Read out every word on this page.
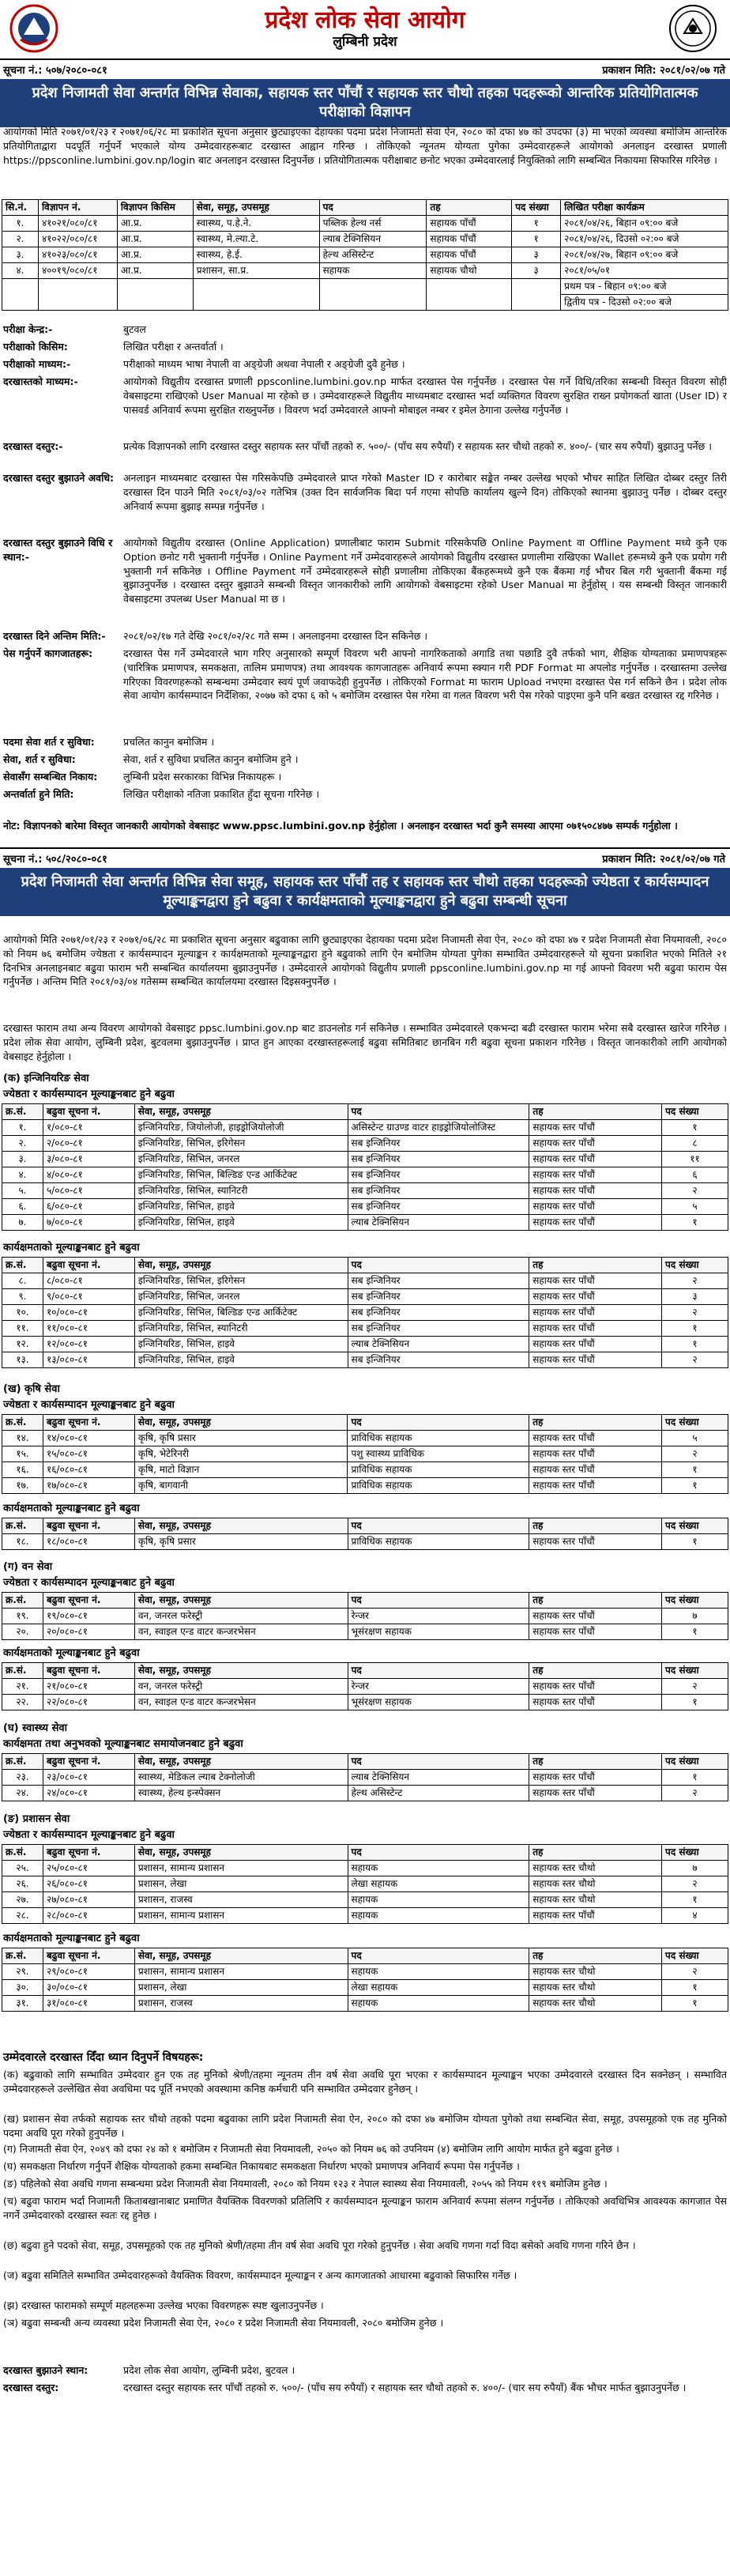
प्रदेश लोक सेवा आयोग
लुम्बिनी प्रदेश
सूचना नं.: ५०७/२०८०-०८१	प्रकाशन मिति: २०८१/०२/०७ गते
प्रदेश निजामती सेवा अन्तर्गत विभिन्न सेवाका, सहायक स्तर पाँचौं र सहायक स्तर चौथो तहका पदहरूको आन्तरिक प्रतियोगितात्मक परीक्षाको विज्ञापन
आयोगको मिति २०७१/०१/२३ र २०७१/०६/२८ मा प्रकाशित सूचना अनुसार छुट्याइएका देहायका पदमा प्रदेश निजामती सेवा ऐन, २०८० को दफा ४७ को उपदफा (३) मा भएको व्यवस्था बमोजिम आन्तरिक प्रतियोगिताद्वारा पदपूर्ति गर्नुपर्ने भएकाले योग्य उम्मेदवारहरूबाट दरखास्त आह्वान गरिन्छ । तोकिएको न्यूनतम योग्यता पुगेका उम्मेदवारहरूले आयोगको अनलाइन दरखास्त प्रणाली https://ppsconline.lumbini.gov.np/login बाट अनलाइन दरखास्त दिनुपर्नेछ । प्रतियोगितात्मक परीक्षाबाट छनोट भएका उम्मेदवारलाई नियुक्तिको लागि सम्बन्धित निकायमा सिफारिस गरिनेछ ।
सि.नं.	विज्ञापन नं.	विज्ञापन किसिम	सेवा, समूह, उपसमूह	पद	तह	पद संख्या	लिखित परीक्षा कार्यक्रम
१.	४१०२१/०८०/८१	आ.प्र.	स्वास्थ्य, प.हे.ने.	पब्लिक हेल्थ नर्स	सहायक पाँचौं	१	२०८१/०४/२६, बिहान ०९:०० बजे
२.	४१०२२/०८०/८१	आ.प्र.	स्वास्थ्य, मे.ल्या.टे.	ल्याब टेक्निसियन	सहायक पाँचौं	१	२०८१/०४/२६, दिउसो ०२:०० बजे
३.	४१०२३/०८०/८१	आ.प्र.	स्वास्थ्य, हे.ई.	हेल्थ असिस्टेन्ट	सहायक पाँचौं	३	२०८१/०४/२७, बिहान ०९:०० बजे
४.	४००१९/०८०/८१	आ.प्र.	प्रशासन, सा.प्र.	सहायक	सहायक चौथो	३	२०८१/०५/०१
							प्रथम पत्र - बिहान ०९:०० बजे
							द्वितीय पत्र - दिउसो ०२:०० बजे
परीक्षा केन्द्र:-	बुटवल
परीक्षाको किसिम:	लिखित परीक्षा र अन्तर्वार्ता ।
परीक्षाको माध्यम:-	परीक्षाको माध्यम भाषा नेपाली वा अङ्ग्रेजी अथवा नेपाली र अङ्ग्रेजी दुवै हुनेछ ।
दरखास्तको माध्यम:-	आयोगको विद्युतीय दरखास्त प्रणाली ppsconline.lumbini.gov.np मार्फत दरखास्त पेस गर्नुपर्नेछ । दरखास्त पेस गर्ने विधि/तरिका सम्बन्धी विस्तृत विवरण सोही वेबसाइटमा राखिएको User Manual मा रहेको छ । उम्मेदवारहरूले विद्युतीय माध्यमबाट दरखास्त भर्दा व्यक्तिगत विवरण सुरक्षित राख्न प्रयोगकर्ता खाता (User ID) र पासवर्ड अनिवार्य रूपमा सुरक्षित राख्नुपर्नेछ । विवरण भर्दा उम्मेदवारले आफ्नो मोबाइल नम्बर र इमेल ठेगाना उल्लेख गर्नुपर्नेछ ।
दरखास्त दस्तुर:-	प्रत्येक विज्ञापनको लागि दरखास्त दस्तुर सहायक स्तर पाँचौं तहको रु. ५००/- (पाँच सय रुपैयाँ) र सहायक स्तर चौथो तहको रु. ४००/- (चार सय रुपैयाँ) बुझाउनु पर्नेछ ।
दरखास्त दस्तुर बुझाउने अवधि: अनलाइन माध्यमबाट दरखास्त पेस गरिसकेपछि उम्मेदवारले प्राप्त गरेको Master ID र कारोबार सङ्केत नम्बर उल्लेख भएको भौचर साहित लिखित दोब्बर दस्तुर तिरी दरखास्त दिन पाउने मिति २०८१/०३/०२ गतेभित्र (उक्त दिन सार्वजनिक बिदा पर्न गएमा सोपछि कार्यालय खुल्ने दिन) तोकिएको स्थानमा बुझाउनु पर्नेछ । दोब्बर दस्तुर अनिवार्य रूपमा बुझाइ सम्पन्न गर्नुपर्नेछ ।
दरखास्त दस्तुर बुझाउने विधि र स्थान:-
आयोगको विद्युतीय दरखास्त (Online Application) प्रणालीबाट फाराम Submit गरिसकेपछि Online Payment वा Offline Payment मध्ये कुनै एक Option छनोट गरी भुक्तानी गर्नुपर्नेछ । Online Payment गर्ने उम्मेदवारहरूले आयोगको विद्युतीय दरखास्त प्रणालीमा राखिएका Wallet हरूमध्ये कुनै एक प्रयोग गरी भुक्तानी गर्न सकिनेछ । Offline Payment गर्ने उम्मेदवारहरूले सोही प्रणालीमा तोकिएका बैंकहरूमध्ये कुनै एक बैंकमा गई भौचर बिल गरी भुक्तानी बैंकमा गई बुझाउनुपर्नेछ । दरखास्त दस्तुर बुझाउने सम्बन्धी विस्तृत जानकारीको लागि आयोगको वेबसाइटमा रहेको User Manual मा हेर्नुहोस् । यस सम्बन्धी विस्तृत जानकारी वेबसाइटमा उपलब्ध User Manual मा छ ।
दरखास्त दिने अन्तिम मिति:-	२०८१/०२/१७ गते देखि २०८१/०२/२८ गते सम्म । अनलाइनमा दरखास्त दिन सकिनेछ ।
पेस गर्नुपर्ने कागजातहरू:	दरखास्त पेस गर्ने उम्मेदवारले भाग गरिए अनुसारको सम्पूर्ण विवरण भरी आफ्नो नागरिकताको अगाडि तथा पछाडि दुवै तर्फको भाग, शैक्षिक योग्यताका प्रमाणपत्रहरू (चारित्रिक प्रमाणपत्र, समकक्षता, तालिम प्रमाणपत्र) तथा आवश्यक कागजातहरू अनिवार्य रूपमा स्क्यान गरी PDF Format मा अपलोड गर्नुपर्नेछ । दरखास्तमा उल्लेख गरिएका विवरणहरूको सम्बन्धमा उम्मेदवार स्वयं पूर्ण जवाफदेही हुनुपर्नेछ । तोकिएको Format मा फाराम Upload नभएमा दरखास्त पेस गर्न सकिने छैन । प्रदेश लोक सेवा आयोग कार्यसम्पादन निर्देशिका, २०७७ को दफा ६ को ५ बमोजिम दरखास्त पेस गरेमा वा गलत विवरण भरी पेस गरेको पाइएमा कुनै पनि बखत दरखास्त रद्द गरिनेछ ।
पदमा सेवा शर्त र सुविधा:	प्रचलित कानुन बमोजिम ।
सेवा, शर्त र सुविधा:	सेवा, शर्त र सुविधा प्रचलित कानुन बमोजिम हुने ।
सेवासँग सम्बन्धित निकाय:	लुम्बिनी प्रदेश सरकारका विभिन्न निकायहरू ।
अन्तर्वार्ता हुने मिति:	लिखित परीक्षाको नतिजा प्रकाशित हुँदा सूचना गरिनेछ ।
नोट: विज्ञापनको बारेमा विस्तृत जानकारी आयोगको वेबसाइट www.ppsc.lumbini.gov.np हेर्नुहोला । अनलाइन दरखास्त भर्दा कुनै समस्या आएमा ०७१५०८४७७ सम्पर्क गर्नुहोला ।
सूचना नं.: ५०८/२०८०-०८१	प्रकाशन मिति: २०८१/०२/०७ गते
प्रदेश निजामती सेवा अन्तर्गत विभिन्न सेवा समूह, सहायक स्तर पाँचौं तह र सहायक स्तर चौथो तहका पदहरूको ज्येष्ठता र कार्यसम्पादन मूल्याङ्कनद्वारा हुने बढुवा र कार्यक्षमताको मूल्याङ्कनद्वारा हुने बढुवा सम्बन्धी सूचना
आयोगको मिति २०७१/०१/२३ र २०७१/०६/२८ मा प्रकाशित सूचना अनुसार बढुवाका लागि छुट्याइएका देहायका पदमा प्रदेश निजामती सेवा ऐन, २०८० को दफा ४७ र प्रदेश निजामती सेवा नियमावली, २०८० को नियम ७६ बमोजिम ज्येष्ठता र कार्यसम्पादन मूल्याङ्कन र कार्यक्षमताको मूल्याङ्कनद्वारा हुने बढुवाको लागि ऐन बमोजिम योग्यता पुगेका सम्भावित उम्मेदवारहरूले यो सूचना प्रकाशित भएको मितिले २१ दिनभित्र अनलाइनबाट बढुवा फाराम भरी सम्बन्धित कार्यालयमा बुझाउनुपर्नेछ । उम्मेदवारले आयोगको विद्युतीय प्रणाली ppsconline.lumbini.gov.np मा गई आफ्नो विवरण भरी बढुवा फाराम पेस गर्नुपर्नेछ । अन्तिम मिति २०८१/०३/०४ गतेसम्म सम्बन्धित कार्यालयमा दरखास्त दिइसक्नुपर्नेछ ।
दरखास्त फाराम तथा अन्य विवरण आयोगको वेबसाइट ppsc.lumbini.gov.np बाट डाउनलोड गर्न सकिनेछ । सम्भावित उम्मेदवारले एकभन्दा बढी दरखास्त फाराम भरेमा सबै दरखास्त खारेज गरिनेछ । प्रदेश लोक सेवा आयोग, लुम्बिनी प्रदेश, बुटवलमा बुझाउनुपर्नेछ । प्राप्त हुन आएका दरखास्तहरूलाई बढुवा समितिबाट छानबिन गरी बढुवा सूचना प्रकाशन गरिनेछ । विस्तृत जानकारीको लागि आयोगको वेबसाइट हेर्नुहोला ।
(क) इन्जिनियरिङ सेवा
ज्येष्ठता र कार्यसम्पादन मूल्याङ्कनबाट हुने बढुवा
क्र.सं.	बढुवा सूचना नं.	सेवा, समूह, उपसमूह	पद	तह	पद संख्या
१.	१/०८०-८१	इन्जिनियरिङ, जियोलोजी, हाइड्रोजियोलोजी	असिस्टेन्ट ग्राउण्ड वाटर हाइड्रोजियोलोजिस्ट	सहायक स्तर पाँचौं	१
२.	२/०८०-८१	इन्जिनियरिङ, सिभिल, इरिगेसन	सब इन्जिनियर	सहायक स्तर पाँचौं	८
३.	३/०८०-८१	इन्जिनियरिङ, सिभिल, जनरल	सब इन्जिनियर	सहायक स्तर पाँचौं	११
४.	४/०८०-८१	इन्जिनियरिङ, सिभिल, बिल्डिङ एन्ड आर्किटेक्ट	सब इन्जिनियर	सहायक स्तर पाँचौं	६
५.	५/०८०-८१	इन्जिनियरिङ, सिभिल, स्यानिटरी	सब इन्जिनियर	सहायक स्तर पाँचौं	२
६.	६/०८०-८१	इन्जिनियरिङ, सिभिल, हाइवे	सब इन्जिनियर	सहायक स्तर पाँचौं	५
७.	७/०८०-८१	इन्जिनियरिङ, सिभिल, हाइवे	ल्याब टेक्निसियन	सहायक स्तर पाँचौं	१
कार्यक्षमताको मूल्याङ्कनबाट हुने बढुवा
क्र.सं.	बढुवा सूचना नं.	सेवा, समूह, उपसमूह	पद	तह	पद संख्या
८.	८/०८०-८१	इन्जिनियरिङ, सिभिल, इरिगेसन	सब इन्जिनियर	सहायक स्तर पाँचौं	२
९.	९/०८०-८१	इन्जिनियरिङ, सिभिल, जनरल	सब इन्जिनियर	सहायक स्तर पाँचौं	३
१०.	१०/०८०-८१	इन्जिनियरिङ, सिभिल, बिल्डिङ एन्ड आर्किटेक्ट	सब इन्जिनियर	सहायक स्तर पाँचौं	२
११.	११/०८०-८१	इन्जिनियरिङ, सिभिल, स्यानिटरी	सब इन्जिनियर	सहायक स्तर पाँचौं	१
१२.	१२/०८०-८१	इन्जिनियरिङ, सिभिल, हाइवे	ल्याब टेक्निसियन	सहायक स्तर पाँचौं	१
१३.	१३/०८०-८१	इन्जिनियरिङ, सिभिल, हाइवे	सब इन्जिनियर	सहायक स्तर पाँचौं	२
(ख) कृषि सेवा
ज्येष्ठता र कार्यसम्पादन मूल्याङ्कनबाट हुने बढुवा
क्र.सं.	बढुवा सूचना नं.	सेवा, समूह, उपसमूह	पद	तह	पद संख्या
१४.	१४/०८०-८१	कृषि, कृषि प्रसार	प्राविधिक सहायक	सहायक स्तर पाँचौं	५
१५.	१५/०८०-८१	कृषि, भेटेरिनरी	पशु स्वास्थ्य प्राविधिक	सहायक स्तर पाँचौं	२
१६.	१६/०८०-८१	कृषि, माटो विज्ञान	प्राविधिक सहायक	सहायक स्तर पाँचौं	१
१७.	१७/०८०-८१	कृषि, बागवानी	प्राविधिक सहायक	सहायक स्तर पाँचौं	१
कार्यक्षमताको मूल्याङ्कनबाट हुने बढुवा
क्र.सं.	बढुवा सूचना नं.	सेवा, समूह, उपसमूह	पद	तह	पद संख्या
१८.	१८/०८०-८१	कृषि, कृषि प्रसार	प्राविधिक सहायक	सहायक स्तर पाँचौं	१
(ग) वन सेवा
ज्येष्ठता र कार्यसम्पादन मूल्याङ्कनबाट हुने बढुवा
क्र.सं.	बढुवा सूचना नं.	सेवा, समूह, उपसमूह	पद	तह	पद संख्या
१९.	१९/०८०-८१	वन, जनरल फरेस्ट्री	रेन्जर	सहायक स्तर पाँचौं	७
२०.	२०/०८०-८१	वन, स्वाइल एन्ड वाटर कन्जरभेसन	भूसंरक्षण सहायक	सहायक स्तर पाँचौं	१
कार्यक्षमताको मूल्याङ्कनबाट हुने बढुवा
क्र.सं.	बढुवा सूचना नं.	सेवा, समूह, उपसमूह	पद	तह	पद संख्या
२१.	२१/०८०-८१	वन, जनरल फरेस्ट्री	रेन्जर	सहायक स्तर पाँचौं	२
२२.	२२/०८०-८१	वन, स्वाइल एन्ड वाटर कन्जरभेसन	भूसंरक्षण सहायक	सहायक स्तर पाँचौं	१
(घ) स्वास्थ्य सेवा
कार्यक्षमता तथा अनुभवको मूल्याङ्कनबाट समायोजनबाट हुने बढुवा
क्र.सं.	बढुवा सूचना नं.	सेवा, समूह, उपसमूह	पद	तह	पद संख्या
२३.	२३/०८०-८१	स्वास्थ्य, मेडिकल ल्याब टेक्नोलोजी	ल्याब टेक्निसियन	सहायक स्तर पाँचौं	१
२४.	२४/०८०-८१	स्वास्थ्य, हेल्थ इन्स्पेक्सन	हेल्थ असिस्टेन्ट	सहायक स्तर पाँचौं	२
(ङ) प्रशासन सेवा
ज्येष्ठता र कार्यसम्पादन मूल्याङ्कनबाट हुने बढुवा
क्र.सं.	बढुवा सूचना नं.	सेवा, समूह, उपसमूह	पद	तह	पद संख्या
२५.	२५/०८०-८१	प्रशासन, सामान्य प्रशासन	सहायक	सहायक स्तर चौथो	७
२६.	२६/०८०-८१	प्रशासन, लेखा	लेखा सहायक	सहायक स्तर चौथो	२
२७.	२७/०८०-८१	प्रशासन, राजस्व	सहायक	सहायक स्तर चौथो	१
२८.	२८/०८०-८१	प्रशासन, सामान्य प्रशासन	सहायक	सहायक स्तर पाँचौं	४
कार्यक्षमताको मूल्याङ्कनबाट हुने बढुवा
क्र.सं.	बढुवा सूचना नं.	सेवा, समूह, उपसमूह	पद	तह	पद संख्या
२९.	२९/०८०-८१	प्रशासन, सामान्य प्रशासन	सहायक	सहायक स्तर चौथो	२
३०.	३०/०८०-८१	प्रशासन, लेखा	लेखा सहायक	सहायक स्तर चौथो	१
३१.	३१/०८०-८१	प्रशासन, राजस्व	सहायक	सहायक स्तर चौथो	१
उम्मेदवारले दरखास्त दिँदा ध्यान दिनुपर्ने विषयहरू:
(क) बढुवाको लागि सम्भावित उम्मेदवार हुन एक तह मुनिको श्रेणी/तहमा न्यूनतम तीन वर्ष सेवा अवधि पूरा भएका र कार्यसम्पादन मूल्याङ्कन भएका उम्मेदवारले दरखास्त दिन सक्नेछन् । सम्भावित उम्मेदवारहरूले उल्लेखित सेवा अवधिमा पद पूर्ति नभएको अवस्थामा कनिष्ठ कर्मचारी पनि सम्भावित उम्मेदवार हुनेछन् ।
(ख) प्रशासन सेवा तर्फको सहायक स्तर चौथो तहको पदमा बढुवाका लागि प्रदेश निजामती सेवा ऐन, २०८० को दफा ४७ बमोजिम योग्यता पुगेको तथा सम्बन्धित सेवा, समूह, उपसमूहको एक तह मुनिको पदमा अवधि पूरा गरेको हुनुपर्नेछ ।
(ग) निजामती सेवा ऐन, २०४९ को दफा २४ को १ बमोजिम र निजामती सेवा नियमावली, २०५० को नियम ७६ को उपनियम (४) बमोजिम लागि आयोग मार्फत हुने बढुवा हुनेछ ।
(घ) समकक्षता निर्धारण गर्नुपर्ने शैक्षिक योग्यताको हकमा सम्बन्धित निकायबाट समकक्षता निर्धारण भएको प्रमाणपत्र अनिवार्य रूपमा पेस गर्नुपर्नेछ ।
(ङ) पहिलेको सेवा अवधि गणना सम्बन्धमा प्रदेश निजामती सेवा नियमावली, २०८० को नियम १२३ र नेपाल स्वास्थ्य सेवा नियमावली, २०५५ को नियम ११९ बमोजिम हुनेछ ।
(च) बढुवा फाराम भर्दा निजामती किताबखानाबाट प्रमाणित वैयक्तिक विवरणको प्रतिलिपि र कार्यसम्पादन मूल्याङ्कन फाराम अनिवार्य रूपमा संलग्न गर्नुपर्नेछ । तोकिएको अवधिभित्र आवश्यक कागजात पेस नगर्ने उम्मेदवारको दरखास्त स्वतः रद्द हुनेछ ।
(छ) बढुवा हुने पदको सेवा, समूह, उपसमूहको एक तह मुनिको श्रेणी/तहमा तीन वर्ष सेवा अवधि पूरा गरेको हुनुपर्नेछ । सेवा अवधि गणना गर्दा विदा बसेको अवधि गणना गरिने छैन ।
(ज) बढुवा समितिले सम्भावित उम्मेदवारहरूको वैयक्तिक विवरण, कार्यसम्पादन मूल्याङ्कन र अन्य कागजातको आधारमा बढुवाको सिफारिस गर्नेछ ।
(झ) दरखास्त फारामको सम्पूर्ण महलहरूमा उल्लेख भएका विवरणहरू स्पष्ट खुलाउनुपर्नेछ ।
(ञ) बढुवा सम्बन्धी अन्य व्यवस्था प्रदेश निजामती सेवा ऐन, २०८० र प्रदेश निजामती सेवा नियमावली, २०८० बमोजिम हुनेछ ।
दरखास्त बुझाउने स्थान:	प्रदेश लोक सेवा आयोग, लुम्बिनी प्रदेश, बुटवल ।
दरखास्त दस्तुर:	दरखास्त दस्तुर सहायक स्तर पाँचौं तहको रु. ५००/- (पाँच सय रुपैयाँ) र सहायक स्तर चौथो तहको रु. ४००/- (चार सय रुपैयाँ) बैंक भौचर मार्फत बुझाउनुपर्नेछ ।
